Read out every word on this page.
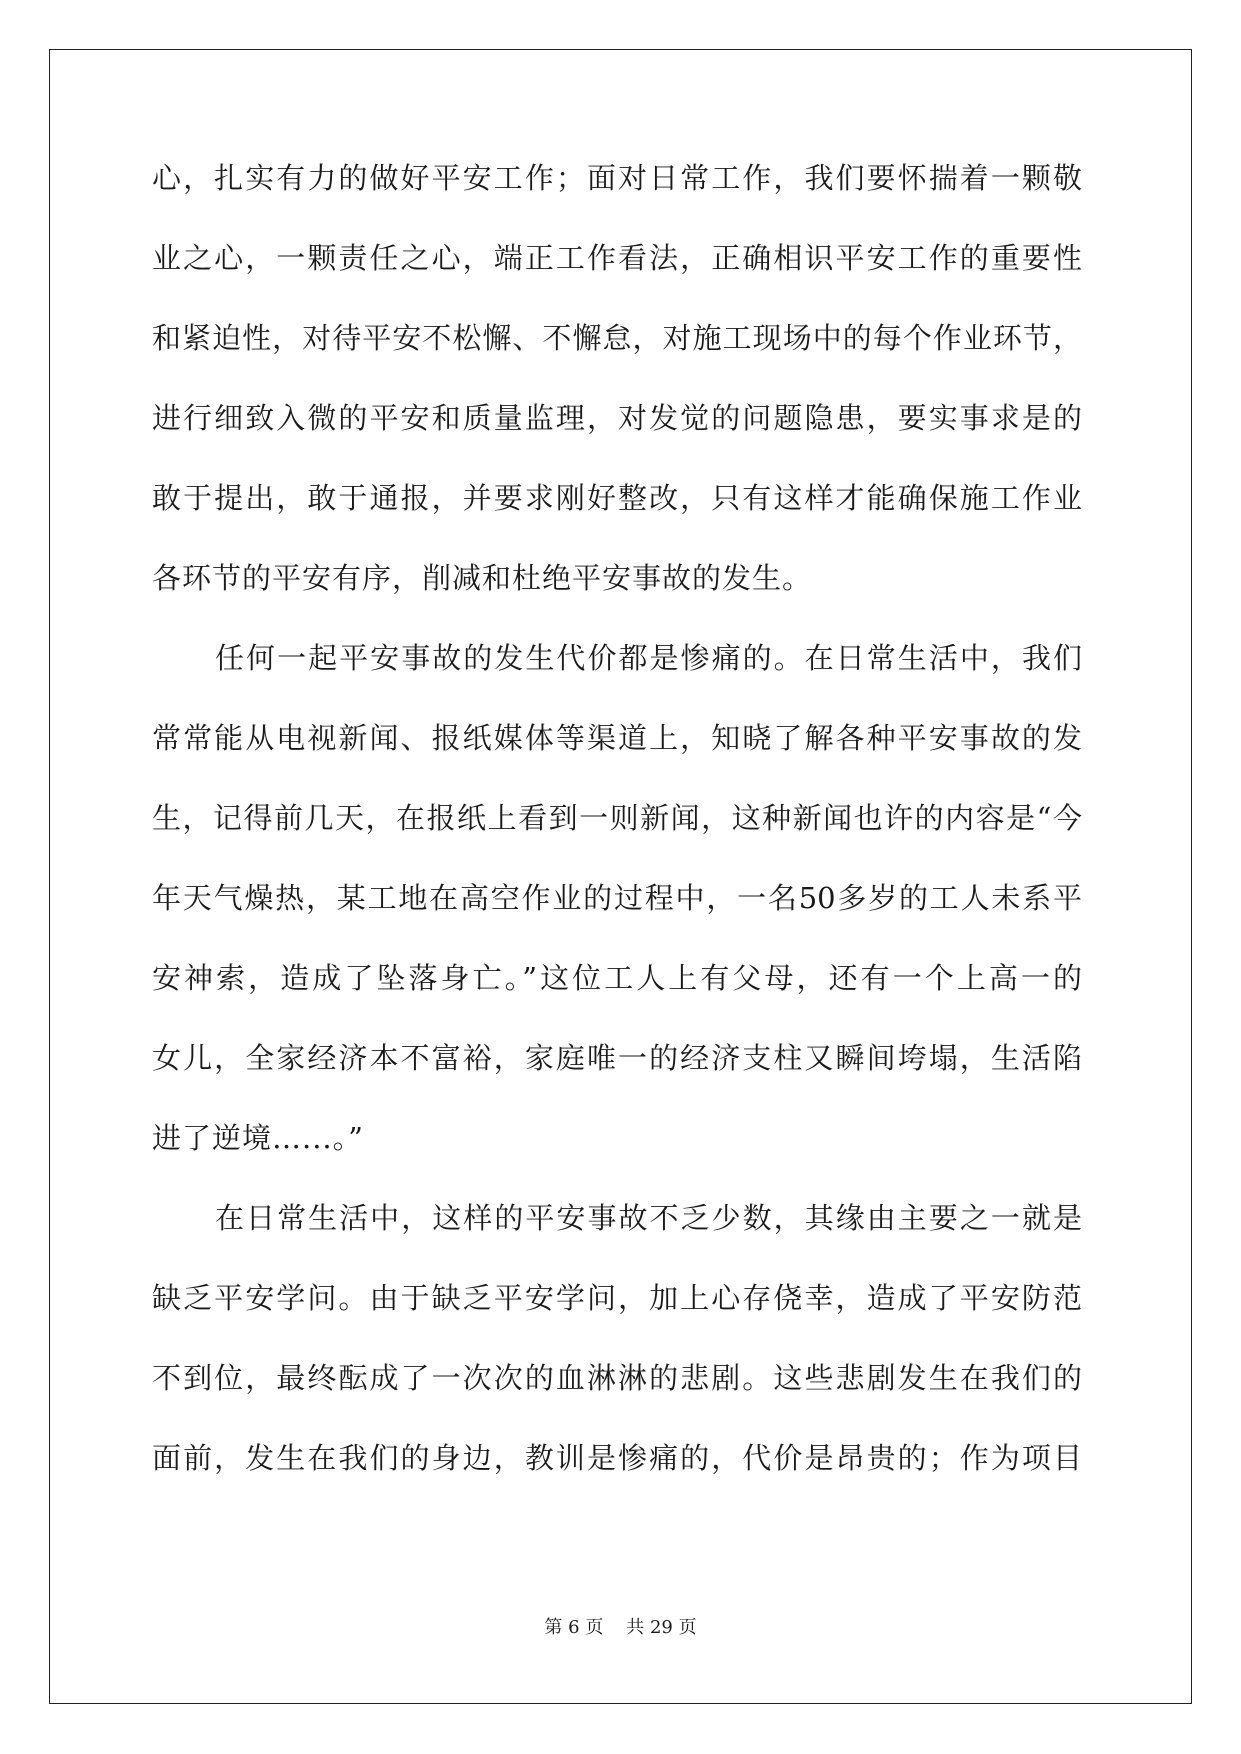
心，扎实有力的做好平安工作；面对日常工作，我们要怀揣着一颗敬
业之心，一颗责任之心，端正工作看法，正确相识平安工作的重要性
和紧迫性，对待平安不松懈、不懈怠，对施工现场中的每个作业环节，
进行细致入微的平安和质量监理，对发觉的问题隐患，要实事求是的
敢于提出，敢于通报，并要求刚好整改，只有这样才能确保施工作业
各环节的平安有序，削减和杜绝平安事故的发生。
任何一起平安事故的发生代价都是惨痛的。在日常生活中，我们
常常能从电视新闻、报纸媒体等渠道上，知晓了解各种平安事故的发
生，记得前几天，在报纸上看到一则新闻，这种新闻也许的内容是“今
年天气燥热，某工地在高空作业的过程中，一名50多岁的工人未系平
安神索，造成了坠落身亡。”这位工人上有父母，还有一个上高一的
女儿，全家经济本不富裕，家庭唯一的经济支柱又瞬间垮塌，生活陷
进了逆境…...。”
在日常生活中，这样的平安事故不乏少数，其缘由主要之一就是
缺乏平安学问。由于缺乏平安学问，加上心存侥幸，造成了平安防范
不到位，最终酝成了一次次的血淋淋的悲剧。这些悲剧发生在我们的
面前，发生在我们的身边，教训是惨痛的，代价是昂贵的；作为项目
第 6 页 共 29 页
